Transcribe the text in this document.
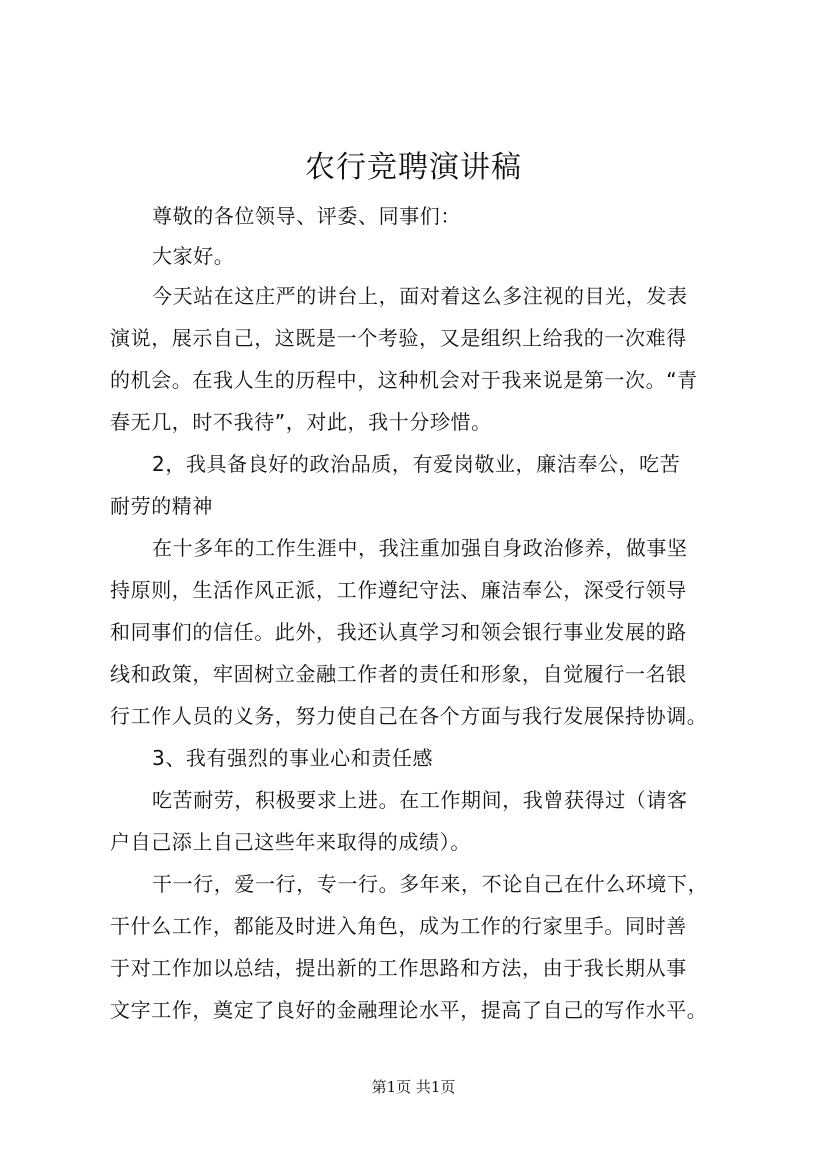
农行竞聘演讲稿
尊敬的各位领导、评委、同事们：
大家好。
今天站在这庄严的讲台上，面对着这么多注视的目光，发表
演说，展示自己，这既是一个考验，又是组织上给我的一次难得
的机会。在我人生的历程中，这种机会对于我来说是第一次。“青
春无几，时不我待”，对此，我十分珍惜。
2，我具备良好的政治品质，有爱岗敬业，廉洁奉公，吃苦
耐劳的精神
在十多年的工作生涯中，我注重加强自身政治修养，做事坚
持原则，生活作风正派，工作遵纪守法、廉洁奉公，深受行领导
和同事们的信任。此外，我还认真学习和领会银行事业发展的路
线和政策，牢固树立金融工作者的责任和形象，自觉履行一名银
行工作人员的义务，努力使自己在各个方面与我行发展保持协调。
3、我有强烈的事业心和责任感
吃苦耐劳，积极要求上进。在工作期间，我曾获得过（请客
户自己添上自己这些年来取得的成绩）。
干一行，爱一行，专一行。多年来，不论自己在什么环境下，
干什么工作，都能及时进入角色，成为工作的行家里手。同时善
于对工作加以总结，提出新的工作思路和方法，由于我长期从事
文字工作，奠定了良好的金融理论水平，提高了自己的写作水平。
第1页 共1页
